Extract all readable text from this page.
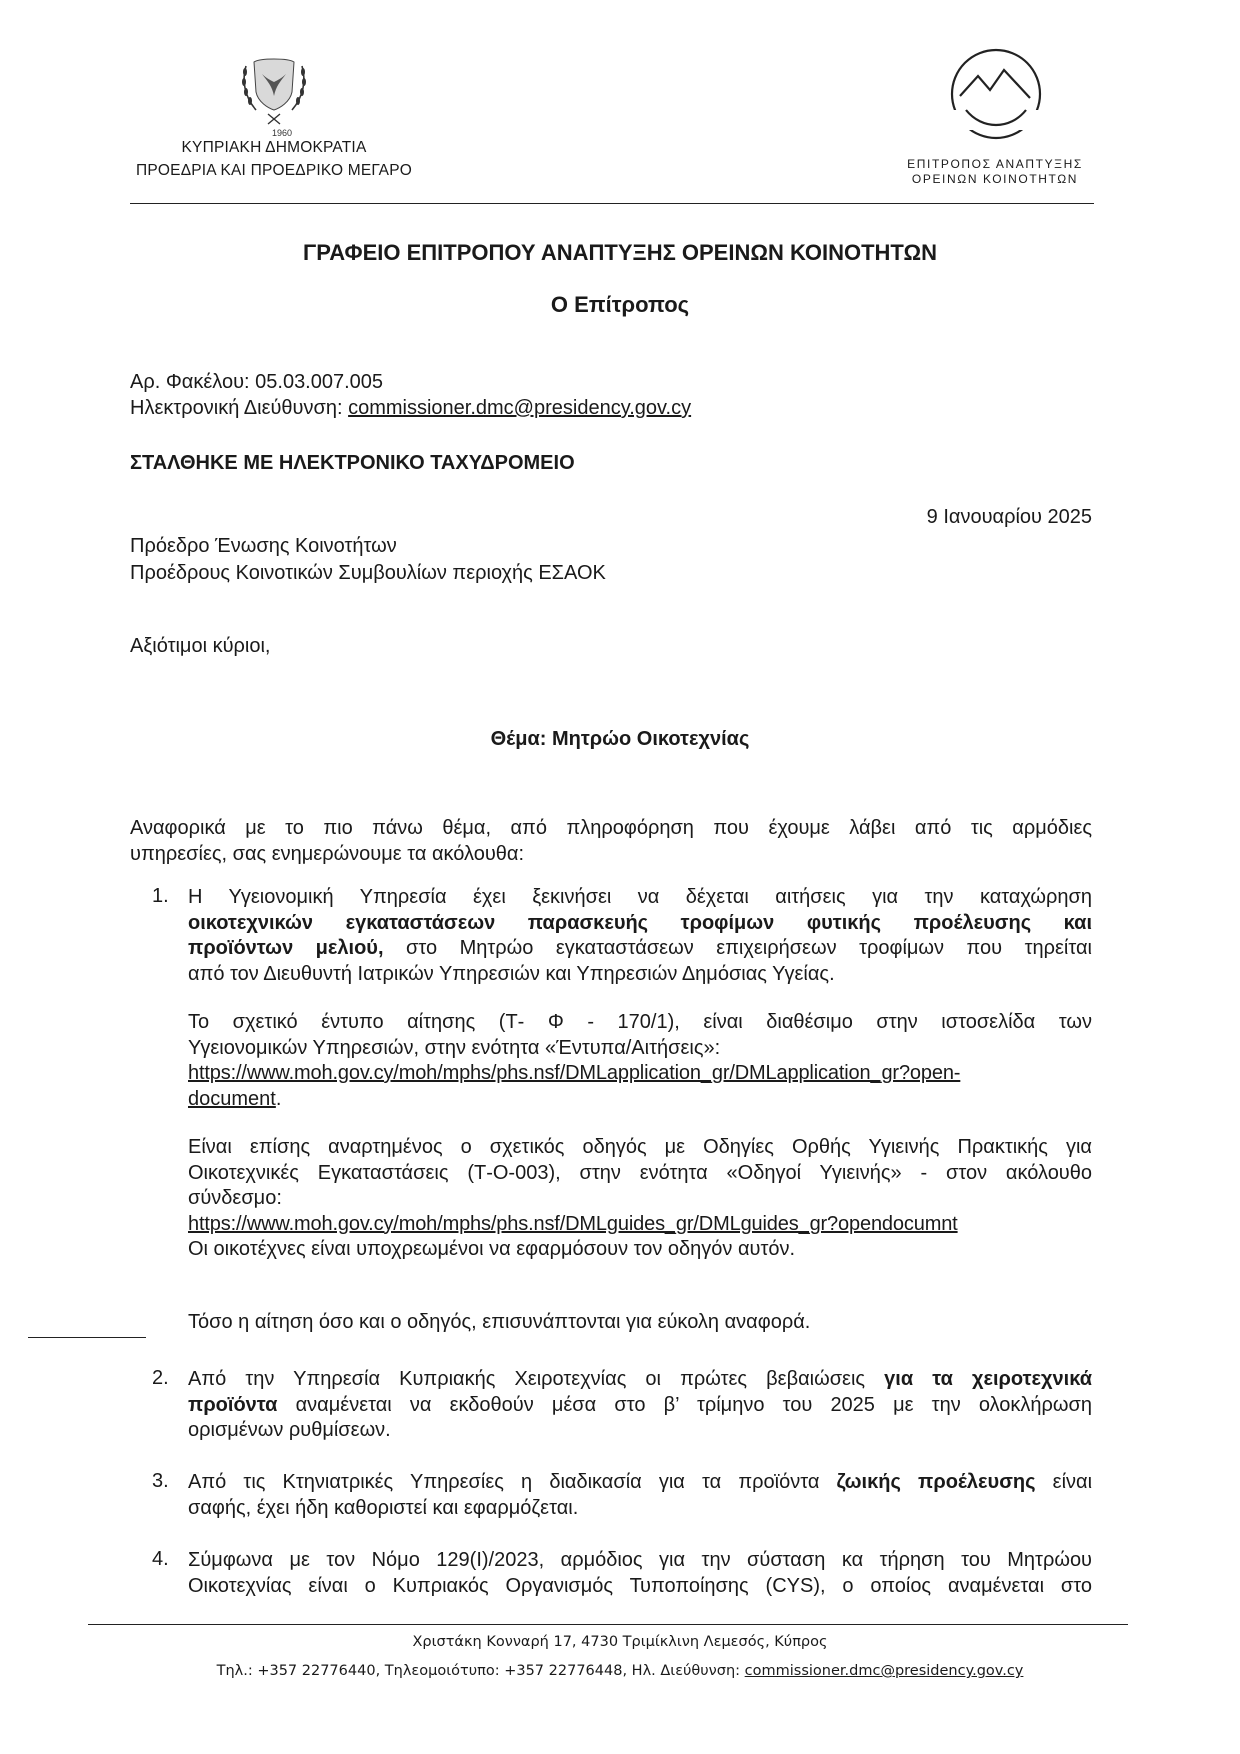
1960
ΚΥΠΡΙΑΚΗ ΔΗΜΟΚΡΑΤΙΑ
ΠΡΟΕΔΡΙΑ ΚΑΙ ΠΡΟΕΔΡΙΚΟ ΜΕΓΑΡΟ	ΕΠΙΤΡΟΠΟΣ ΑΝΑΠΤΥΞΗΣ
ΟΡΕΙΝΩΝ ΚΟΙΝΟΤΗΤΩΝ
ΓΡΑΦΕΙΟ ΕΠΙΤΡΟΠΟΥ ΑΝΑΠΤΥΞΗΣ ΟΡΕΙΝΩΝ ΚΟΙΝΟΤΗΤΩΝ
Ο Επίτροπος
Αρ. Φακέλου: 05.03.007.005
Ηλεκτρονική Διεύθυνση: commissioner.dmc@presidency.gov.cy
ΣΤΑΛΘΗΚΕ ΜΕ ΗΛΕΚΤΡΟΝΙΚΟ ΤΑΧΥΔΡΟΜΕΙΟ
9 Ιανουαρίου 2025
Πρόεδρο Ένωσης Κοινοτήτων
Προέδρους Κοινοτικών Συμβουλίων περιοχής ΕΣΑΟΚ
Αξιότιμοι κύριοι,
Θέμα: Μητρώο Οικοτεχνίας
Αναφορικά με το πιο πάνω θέμα, από πληροφόρηση που έχουμε λάβει από τις αρμόδιες
υπηρεσίες, σας ενημερώνουμε τα ακόλουθα:
1. Η Υγειονομική Υπηρεσία έχει ξεκινήσει να δέχεται αιτήσεις για την καταχώρηση
οικοτεχνικών εγκαταστάσεων παρασκευής τροφίμων φυτικής προέλευσης και
προϊόντων μελιού, στο Μητρώο εγκαταστάσεων επιχειρήσεων τροφίμων που τηρείται
από τον Διευθυντή Ιατρικών Υπηρεσιών και Υπηρεσιών Δημόσιας Υγείας.
Το σχετικό έντυπο αίτησης (Τ- Φ - 170/1), είναι διαθέσιμο στην ιστοσελίδα των
Υγειονομικών Υπηρεσιών, στην ενότητα «Έντυπα/Αιτήσεις»:
https://www.moh.gov.cy/moh/mphs/phs.nsf/DMLapplication_gr/DMLapplication_gr?open-
document.
Είναι επίσης αναρτημένος ο σχετικός οδηγός με Οδηγίες Ορθής Υγιεινής Πρακτικής για
Οικοτεχνικές Εγκαταστάσεις (Τ-Ο-003), στην ενότητα «Οδηγοί Υγιεινής» - στον ακόλουθο
σύνδεσμο:
https://www.moh.gov.cy/moh/mphs/phs.nsf/DMLguides_gr/DMLguides_gr?opendocumnt
Οι οικοτέχνες είναι υποχρεωμένοι να εφαρμόσουν τον οδηγόν αυτόν.
Τόσο η αίτηση όσο και ο οδηγός, επισυνάπτονται για εύκολη αναφορά.
2. Από την Υπηρεσία Κυπριακής Χειροτεχνίας οι πρώτες βεβαιώσεις για τα χειροτεχνικά
προϊόντα αναμένεται να εκδοθούν μέσα στο β’ τρίμηνο του 2025 με την ολοκλήρωση
ορισμένων ρυθμίσεων.
3. Από τις Κτηνιατρικές Υπηρεσίες η διαδικασία για τα προϊόντα ζωικής προέλευσης είναι
σαφής, έχει ήδη καθοριστεί και εφαρμόζεται.
4. Σύμφωνα με τον Νόμο 129(Ι)/2023, αρμόδιος για την σύσταση κα τήρηση του Μητρώου
Οικοτεχνίας είναι ο Κυπριακός Οργανισμός Τυποποίησης (CYS), ο οποίος αναμένεται στο
Χριστάκη Κονναρή 17, 4730 Τριμίκλινη Λεμεσός, Κύπρος
Τηλ.: +357 22776440, Τηλεομοιότυπο: +357 22776448, Ηλ. Διεύθυνση: commissioner.dmc@presidency.gov.cy
